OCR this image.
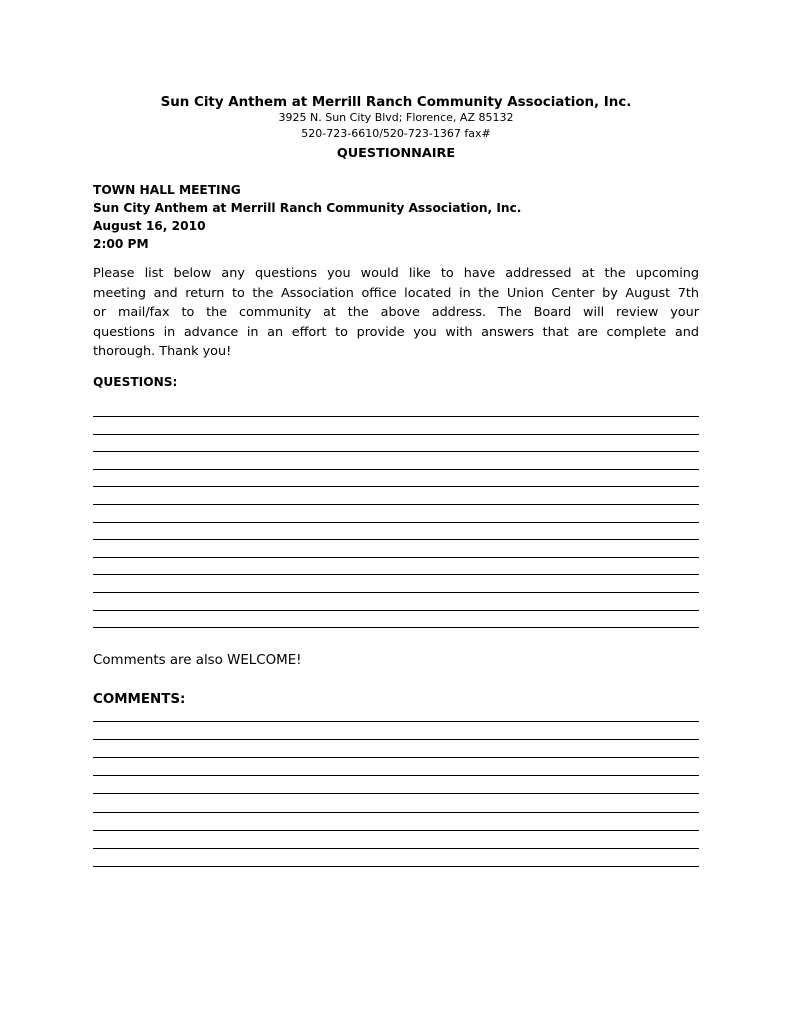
Sun City Anthem at Merrill Ranch Community Association, Inc.
3925 N. Sun City Blvd; Florence, AZ 85132
520-723-6610/520-723-1367 fax#
QUESTIONNAIRE
TOWN HALL MEETING
Sun City Anthem at Merrill Ranch Community Association, Inc.
August 16, 2010
2:00 PM
Please list below any questions you would like to have addressed at the upcoming
meeting and return to the Association office located in the Union Center by August 7th
or mail/fax to the community at the above address. The Board will review your
questions in advance in an effort to provide you with answers that are complete and
thorough. Thank you!
QUESTIONS:
Comments are also WELCOME!
COMMENTS:
